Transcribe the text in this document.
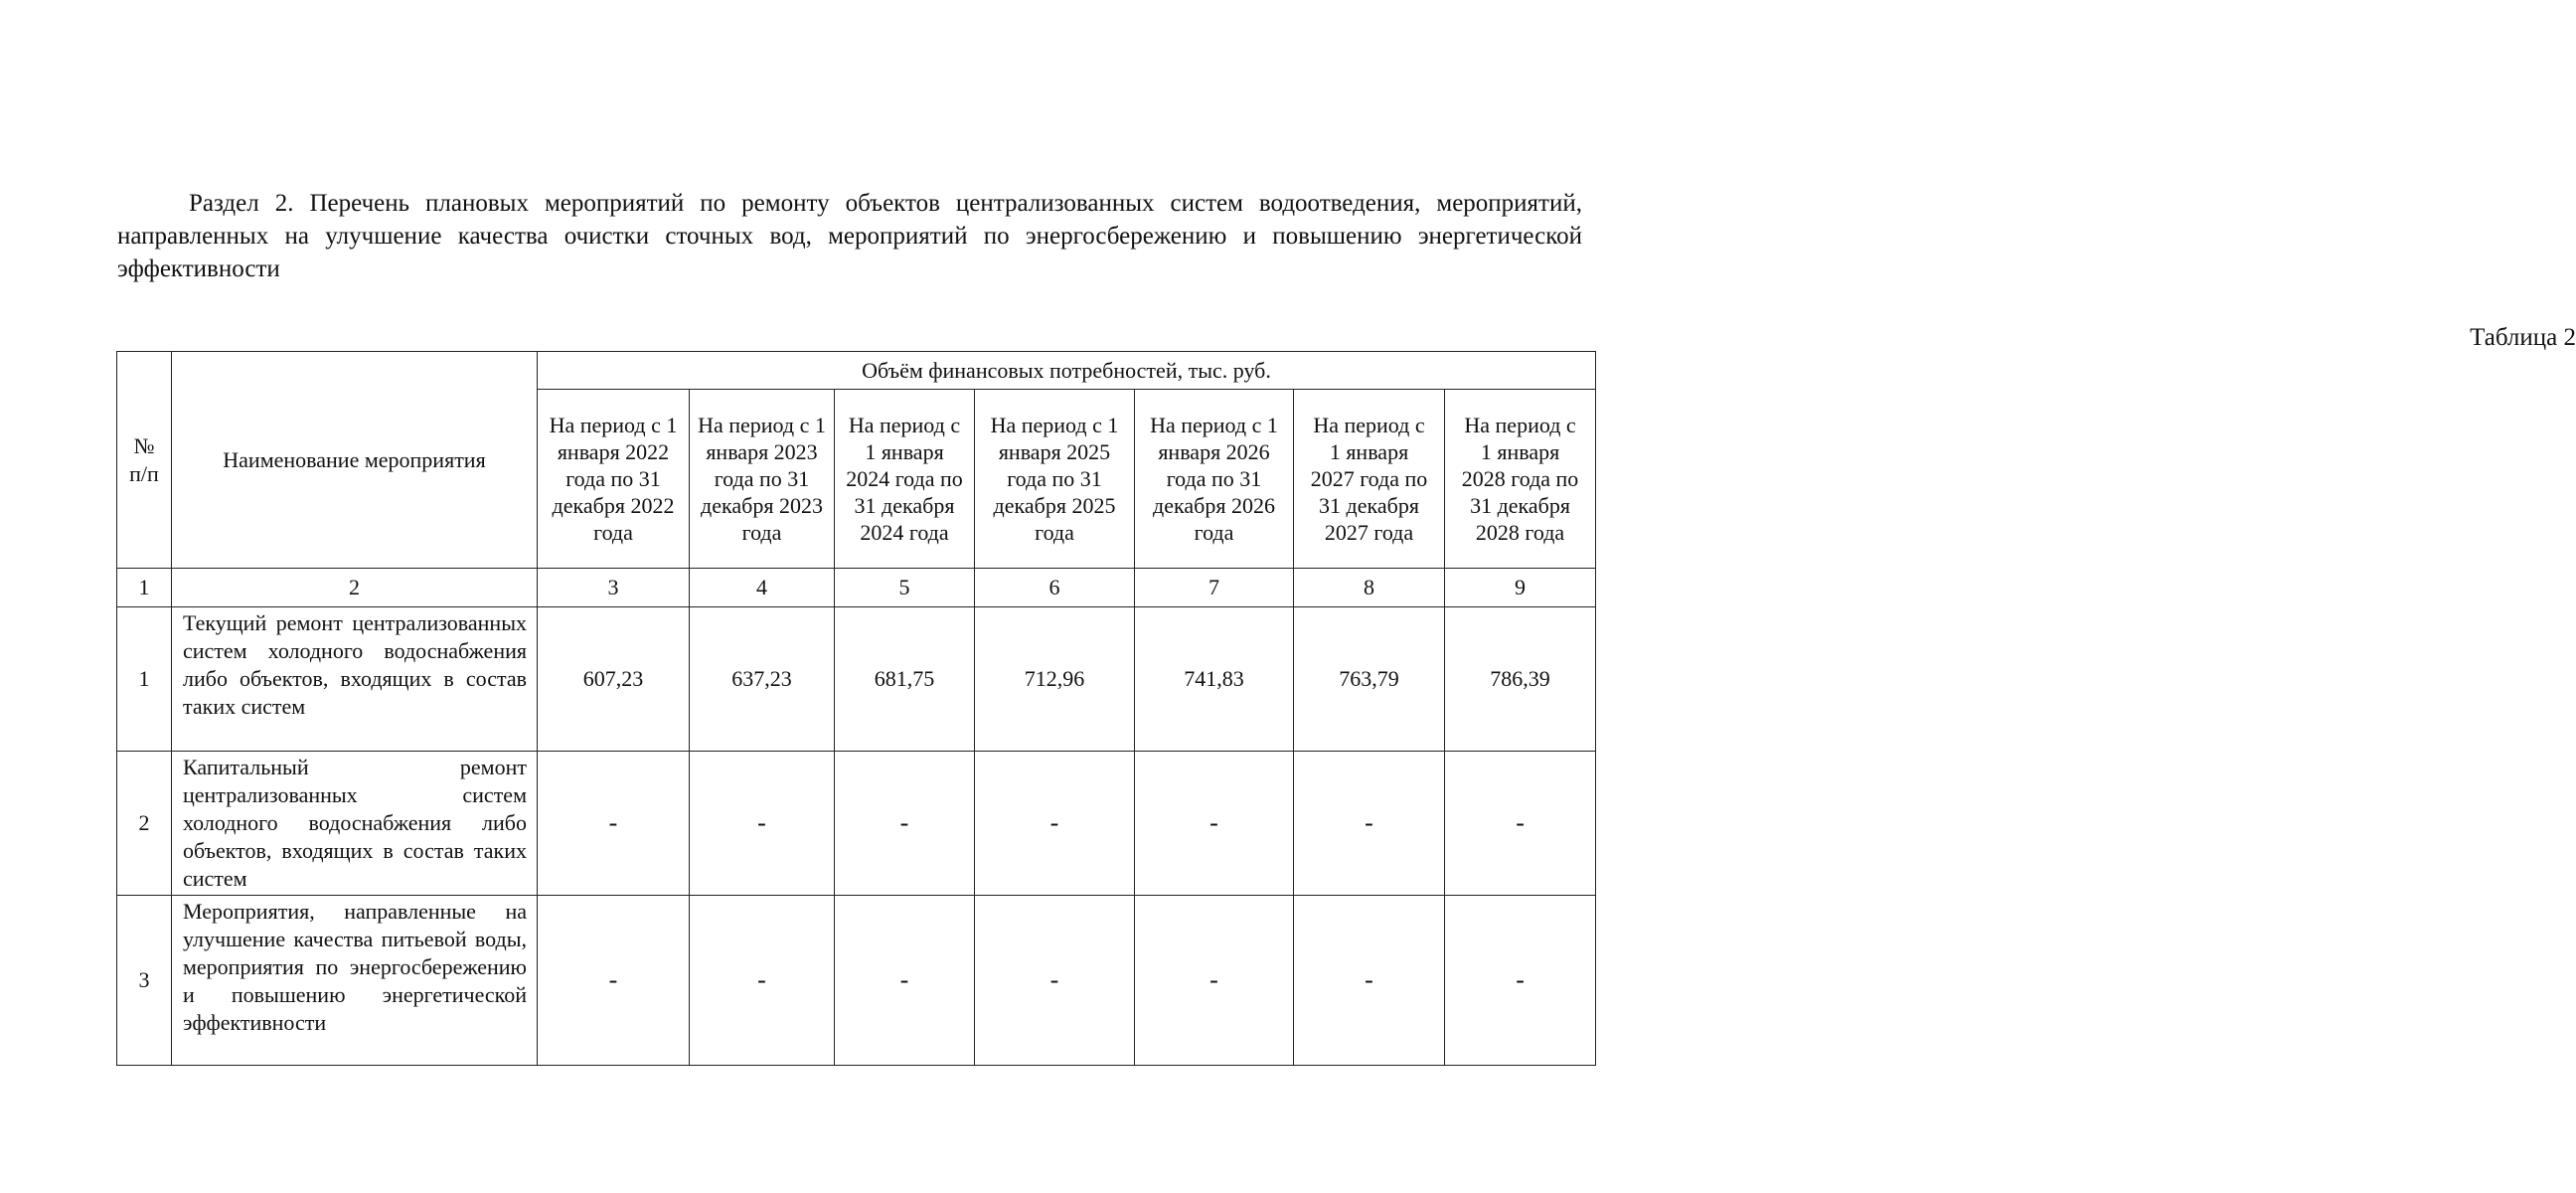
Раздел 2. Перечень плановых мероприятий по ремонту объектов централизованных систем водоотведения, мероприятий, направленных на улучшение качества очистки сточных вод, мероприятий по энергосбережению и повышению энергетической эффективности
Таблица 2
№ п/п	Наименование мероприятия	Объём финансовых потребностей, тыс. руб.						
		На период с 1 января 2022 года по 31 декабря 2022 года	На период с 1 января 2023 года по 31 декабря 2023 года	На период с 1 января 2024 года по 31 декабря 2024 года	На период с 1 января 2025 года по 31 декабря 2025 года	На период с 1 января 2026 года по 31 декабря 2026 года	На период с 1 января 2027 года по 31 декабря 2027 года	На период с 1 января 2028 года по 31 декабря 2028 года
1	2	3	4	5	6	7	8	9
1	Текущий ремонт централизованных систем холодного водоснабжения либо объектов, входящих в состав таких систем	607,23	637,23	681,75	712,96	741,83	763,79	786,39
2	Капитальный ремонт централизованных систем холодного водоснабжения либо объектов, входящих в состав таких систем	-	-	-	-	-	-	-
3	Мероприятия, направленные на улучшение качества питьевой воды, мероприятия по энергосбережению и повышению энергетической эффективности	-	-	-	-	-	-	-
